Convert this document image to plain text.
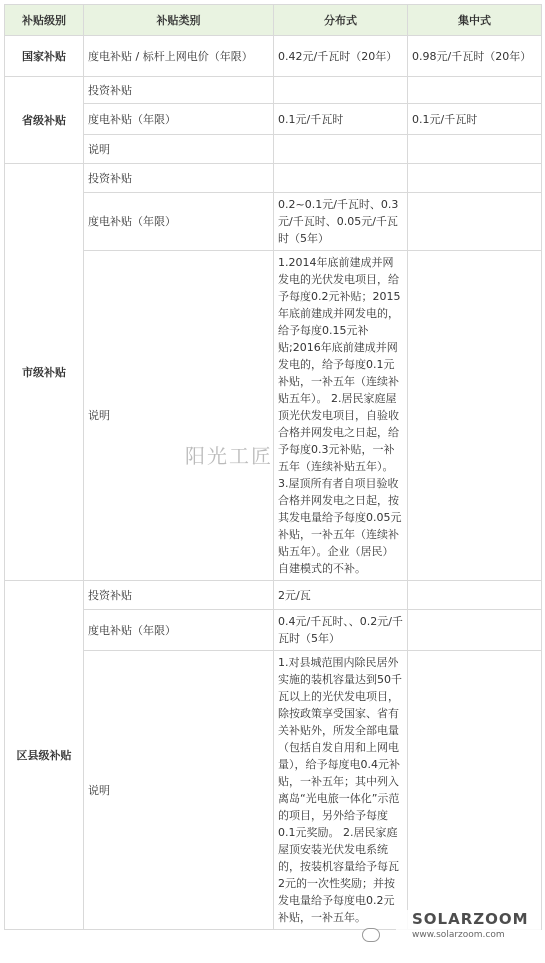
补贴级别	补贴类别	分布式	集中式
国家补贴	度电补贴 / 标杆上网电价（年限）	0.42元/千瓦时（20年）	0.98元/千瓦时（20年）
省级补贴	投资补贴		
	度电补贴（年限）	0.1元/千瓦时	0.1元/千瓦时
	说明		
市级补贴	投资补贴		
	度电补贴（年限）	0.2~0.1元/千瓦时、0.3元/千瓦时、0.05元/千瓦时（5年）	
	说明	1.2014年底前建成并网发电的光伏发电项目，给予每度0.2元补贴；2015年底前建成并网发电的，给予每度0.15元补贴;2016年底前建成并网发电的，给予每度0.1元补贴，一补五年（连续补贴五年）。 2.居民家庭屋顶光伏发电项目，自验收合格并网发电之日起，给予每度0.3元补贴，一补五年（连续补贴五年）。 3.屋顶所有者自项目验收合格并网发电之日起，按其发电量给予每度0.05元补贴，一补五年（连续补贴五年）。企业（居民）自建模式的不补。	
区县级补贴	投资补贴	2元/瓦	
	度电补贴（年限）	0.4元/千瓦时、、0.2元/千瓦时（5年）	
	说明	1.对县城范围内除民居外实施的装机容量达到50千瓦以上的光伏发电项目，除按政策享受国家、省有关补贴外，所发全部电量（包括自发自用和上网电量），给予每度电0.4元补贴，一补五年；其中列入离岛“光电旅一体化”示范的项目，另外给予每度0.1元奖励。 2.居民家庭屋顶安装光伏发电系统的，按装机容量给予每瓦2元的一次性奖励；并按发电量给予每度电0.2元补贴，一补五年。	
阳光工匠
SOLARZOOM
www.solarzoom.com
